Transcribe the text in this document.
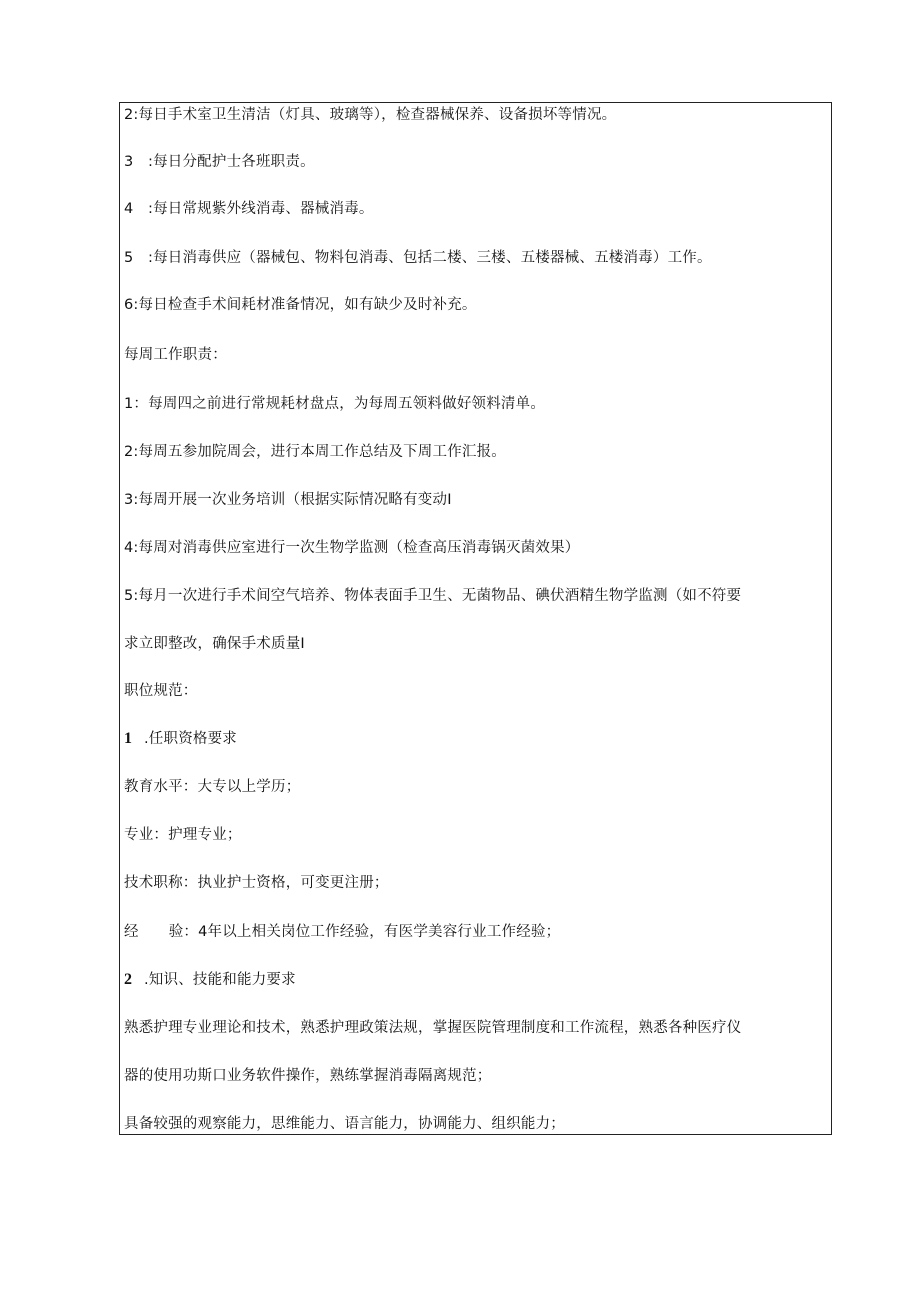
2:每日手术室卫生清洁（灯具、玻璃等），检查器械保养、设备损坏等情况。
3 :每日分配护士各班职责。
4 :每日常规紫外线消毒、器械消毒。
5 :每日消毒供应（器械包、物料包消毒、包括二楼、三楼、五楼器械、五楼消毒）工作。
6:每日检查手术间耗材准备情况，如有缺少及时补充。
每周工作职责：
1：每周四之前进行常规耗材盘点，为每周五领料做好领料清单。
2:每周五参加院周会，进行本周工作总结及下周工作汇报。
3:每周开展一次业务培训（根据实际情况略有变动I
4:每周对消毒供应室进行一次生物学监测（检查高压消毒锅灭菌效果）
5:每月一次进行手术间空气培养、物体表面手卫生、无菌物品、碘伏酒精生物学监测（如不符要
求立即整改，确保手术质量I
职位规范：
1 .任职资格要求
教育水平：大专以上学历；
专业：护理专业；
技术职称：执业护士资格，可变更注册；
经 验：4年以上相关岗位工作经验，有医学美容行业工作经验；
2 .知识、技能和能力要求
熟悉护理专业理论和技术，熟悉护理政策法规，掌握医院管理制度和工作流程，熟悉各种医疗仪
器的使用功斯口业务软件操作，熟练掌握消毒隔离规范；
具备较强的观察能力，思维能力、语言能力，协调能力、组织能力；
